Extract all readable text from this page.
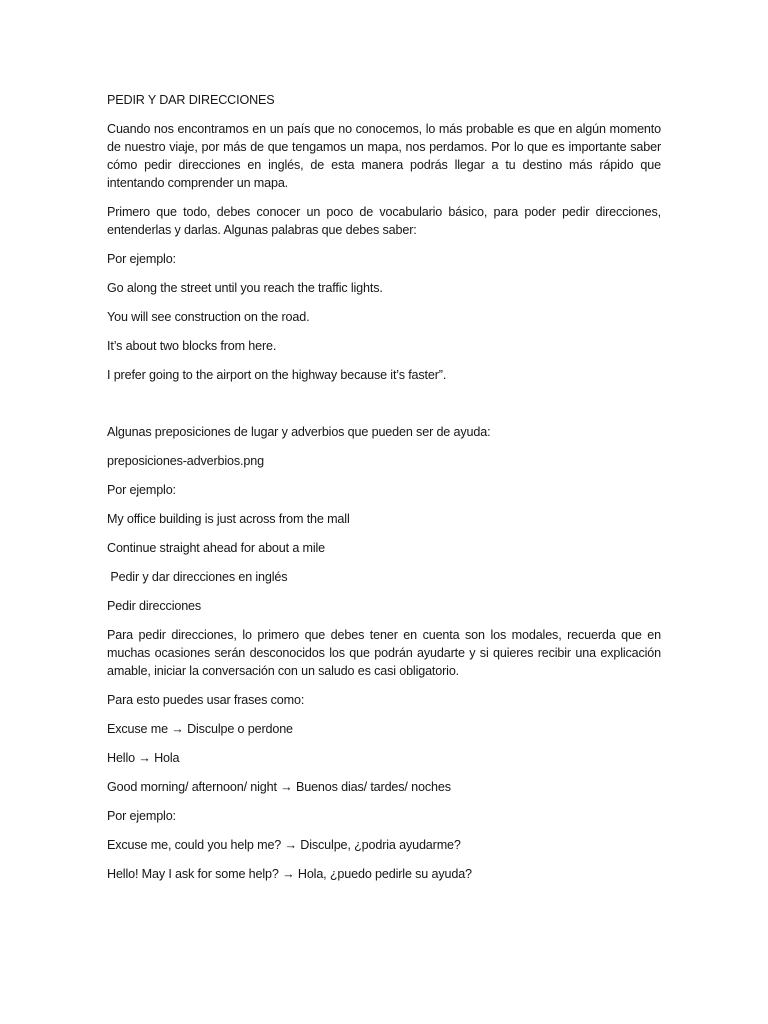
PEDIR Y DAR DIRECCIONES

Cuando nos encontramos en un país que no conocemos, lo más probable es que en algún momento de nuestro viaje, por más de que tengamos un mapa, nos perdamos. Por lo que es importante saber cómo pedir direcciones en inglés, de esta manera podrás llegar a tu destino más rápido que intentando comprender un mapa.

Primero que todo, debes conocer un poco de vocabulario básico, para poder pedir direcciones, entenderlas y darlas. Algunas palabras que debes saber:

Por ejemplo:

Go along the street until you reach the traffic lights.

You will see construction on the road.

It’s about two blocks from here.

I prefer going to the airport on the highway because it’s faster”.

Algunas preposiciones de lugar y adverbios que pueden ser de ayuda:

preposiciones-adverbios.png

Por ejemplo:

My office building is just across from the mall

Continue straight ahead for about a mile

Pedir y dar direcciones en inglés

Pedir direcciones

Para pedir direcciones, lo primero que debes tener en cuenta son los modales, recuerda que en muchas ocasiones serán desconocidos los que podrán ayudarte y si quieres recibir una explicación amable, iniciar la conversación con un saludo es casi obligatorio.

Para esto puedes usar frases como:

Excuse me → Disculpe o perdone

Hello → Hola

Good morning/ afternoon/ night → Buenos dias/ tardes/ noches

Por ejemplo:

Excuse me, could you help me? → Disculpe, ¿podria ayudarme?

Hello! May I ask for some help? → Hola, ¿puedo pedirle su ayuda?
